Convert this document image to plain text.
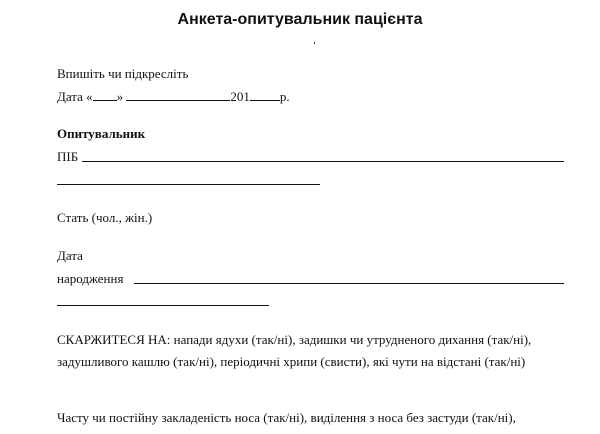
Анкета-опитувальник пацієнта
Впишіть чи підкресліть
Дата « »	201 р.
Опитувальник
ПІБ
Стать (чол., жін.)
Дата
народження
СКАРЖИТЕСЯ НА: напади ядухи (так/ні), задишки чи утрудненого дихання (так/ні), задушливого кашлю (так/ні), періодичні хрипи (свисти), які чути на відстані (так/ні)
Часту чи постійну закладеність носа (так/ні), виділення з носа без застуди (так/ні),
